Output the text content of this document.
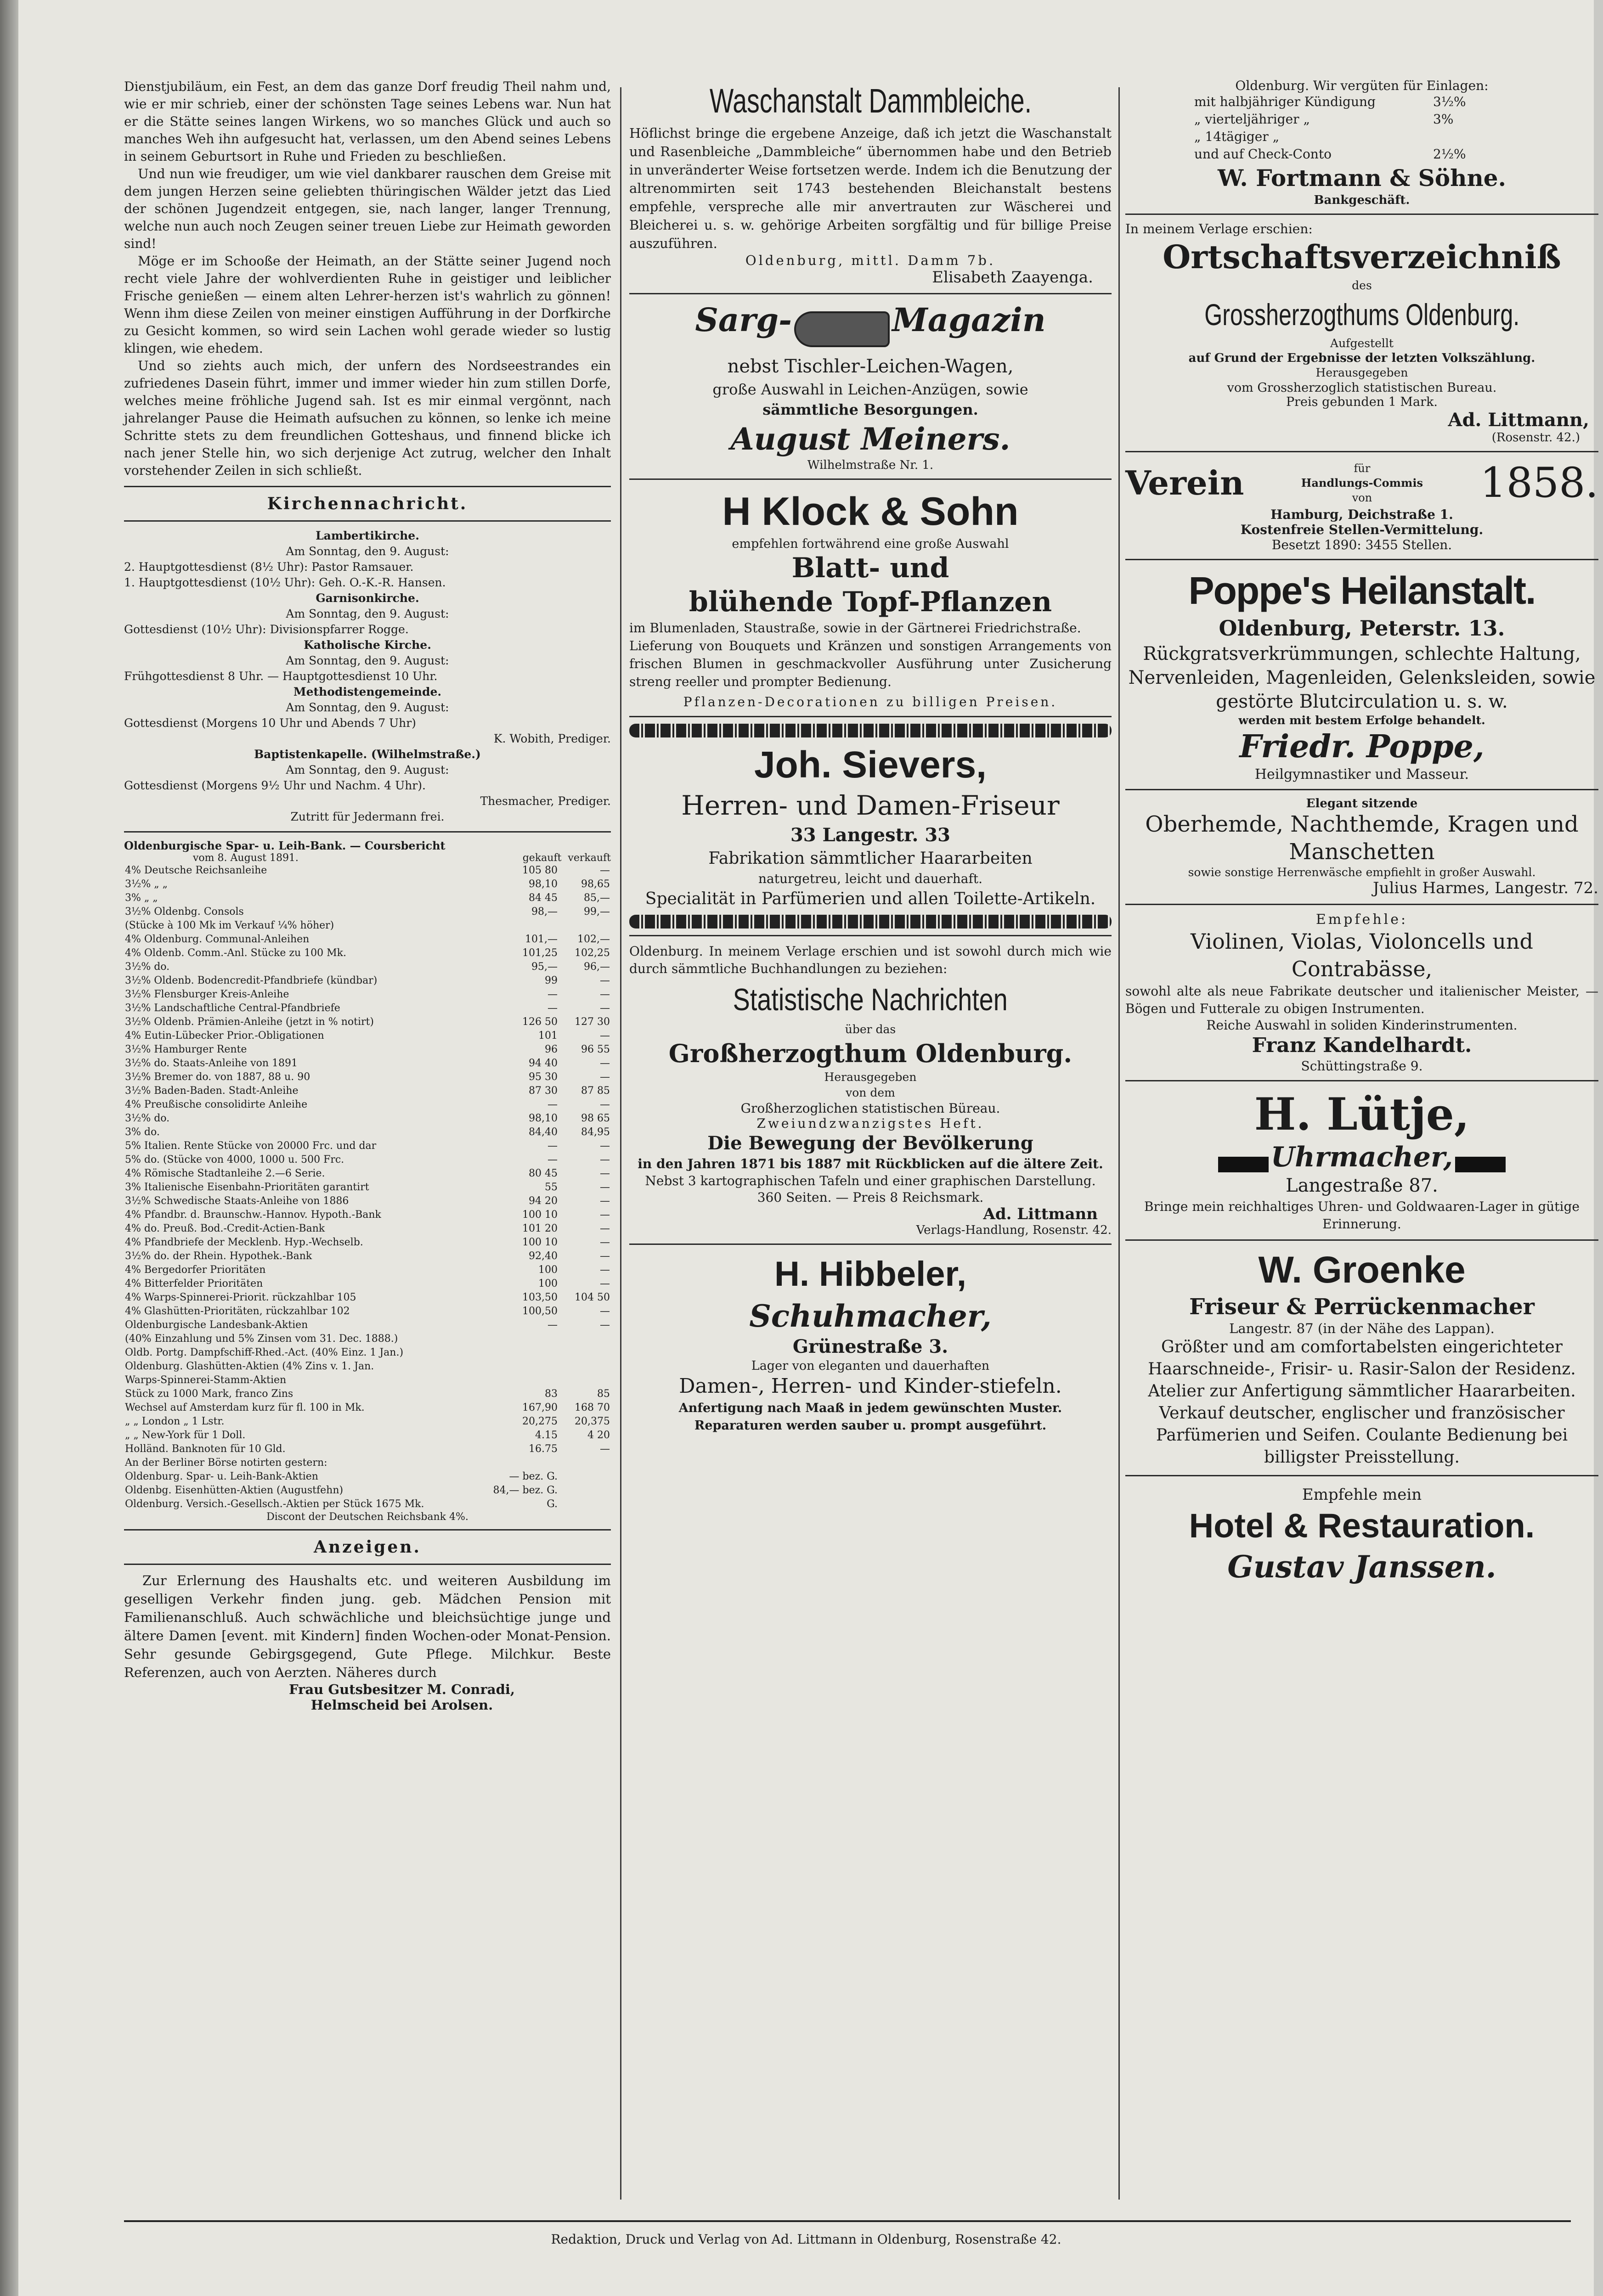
Dienstjubiläum, ein Fest, an dem das ganze Dorf freudig Theil nahm und, wie er mir schrieb, einer der schönsten Tage seines Lebens war. Nun hat er die Stätte seines langen Wirkens, wo so manches Glück und auch so manches Weh ihn aufgesucht hat, verlassen, um den Abend seines Lebens in seinem Geburtsort in Ruhe und Frieden zu beschließen.

Und nun wie freudiger, um wie viel dankbarer rauschen dem Greise mit dem jungen Herzen seine geliebten thüringischen Wälder jetzt das Lied der schönen Jugendzeit entgegen, sie, nach langer, langer Trennung, welche nun auch noch Zeugen seiner treuen Liebe zur Heimath geworden sind!

Möge er im Schooße der Heimath, an der Stätte seiner Jugend noch recht viele Jahre der wohlverdienten Ruhe in geistiger und leiblicher Frische genießen — einem alten Lehrer-herzen ist's wahrlich zu gönnen! Wenn ihm diese Zeilen von meiner einstigen Aufführung in der Dorfkirche zu Gesicht kommen, so wird sein Lachen wohl gerade wieder so lustig klingen, wie ehedem.

Und so ziehts auch mich, der unfern des Nordseestrandes ein zufriedenes Dasein führt, immer und immer wieder hin zum stillen Dorfe, welches meine fröhliche Jugend sah. Ist es mir einmal vergönnt, nach jahrelanger Pause die Heimath aufsuchen zu können, so lenke ich meine Schritte stets zu dem freundlichen Gotteshaus, und finnend blicke ich nach jener Stelle hin, wo sich derjenige Act zutrug, welcher den Inhalt vorstehender Zeilen in sich schließt.

Kirchennachricht.

Lambertikirche.

Am Sonntag, den 9. August:

2. Hauptgottesdienst (8½ Uhr): Pastor Ramsauer.

1. Hauptgottesdienst (10½ Uhr): Geh. O.-K.-R. Hansen.

Garnisonkirche.

Am Sonntag, den 9. August:

Gottesdienst (10½ Uhr): Divisionspfarrer Rogge.

Katholische Kirche.

Am Sonntag, den 9. August:

Frühgottesdienst 8 Uhr. — Hauptgottesdienst 10 Uhr.

Methodistengemeinde.

Am Sonntag, den 9. August:

Gottesdienst (Morgens 10 Uhr und Abends 7 Uhr)

K. Wobith, Prediger.

Baptistenkapelle. (Wilhelmstraße.)

Am Sonntag, den 9. August:

Gottesdienst (Morgens 9½ Uhr und Nachm. 4 Uhr).

Thesmacher, Prediger.

Zutritt für Jedermann frei.

Oldenburgische Spar- u. Leih-Bank. — Coursbericht

vom 8. August 1891.	gekauft verkauft
4% Deutsche Reichsanleihe	105 80	—
3½% „ „	98,10	98,65
3% „ „	84 45	85,—
3½% Oldenbg. Consols	98,—	99,—
(Stücke à 100 Mk im Verkauf ¼% höher)		
4% Oldenburg. Communal-Anleihen	101,—	102,—
4% Oldenb. Comm.-Anl. Stücke zu 100 Mk.	101,25	102,25
3½% do.	95,—	96,—
3½% Oldenb. Bodencredit-Pfandbriefe (kündbar)	99	—
3½% Flensburger Kreis-Anleihe	—	—
3½% Landschaftliche Central-Pfandbriefe	—	—
3½% Oldenb. Prämien-Anleihe (jetzt in % notirt)	126 50	127 30
4% Eutin-Lübecker Prior.-Obligationen	101	—
3½% Hamburger Rente	96	96 55
3½% do. Staats-Anleihe von 1891	94 40	—
3½% Bremer do. von 1887, 88 u. 90	95 30	—
3½% Baden-Baden. Stadt-Anleihe	87 30	87 85
4% Preußische consolidirte Anleihe	—	—
3½% do.	98,10	98 65
3% do.	84,40	84,95
5% Italien. Rente Stücke von 20000 Frc. und dar	—	—
5% do. (Stücke von 4000, 1000 u. 500 Frc.	—	—
4% Römische Stadtanleihe 2.—6 Serie.	80 45	—
3% Italienische Eisenbahn-Prioritäten garantirt	55	—
3½% Schwedische Staats-Anleihe von 1886	94 20	—
4% Pfandbr. d. Braunschw.-Hannov. Hypoth.-Bank	100 10	—
4% do. Preuß. Bod.-Credit-Actien-Bank	101 20	—
4% Pfandbriefe der Mecklenb. Hyp.-Wechselb.	100 10	—
3½% do. der Rhein. Hypothek.-Bank	92,40	—
4% Bergedorfer Prioritäten	100	—
4% Bitterfelder Prioritäten	100	—
4% Warps-Spinnerei-Priorit. rückzahlbar 105	103,50	104 50
4% Glashütten-Prioritäten, rückzahlbar 102	100,50	—
Oldenburgische Landesbank-Aktien	—	—
(40% Einzahlung und 5% Zinsen vom 31. Dec. 1888.)		
Oldb. Portg. Dampfschiff-Rhed.-Act. (40% Einz. 1 Jan.)		
Oldenburg. Glashütten-Aktien (4% Zins v. 1. Jan.		
Warps-Spinnerei-Stamm-Aktien		
Stück zu 1000 Mark, franco Zins	83	85
Wechsel auf Amsterdam kurz für fl. 100 in Mk.	167,90	168 70
„ „ London „ 1 Lstr.	20,275	20,375
„ „ New-York für 1 Doll.	4.15	4 20
Holländ. Banknoten für 10 Gld.	16.75	—
An der Berliner Börse notirten gestern:		
Oldenburg. Spar- u. Leih-Bank-Aktien	— bez. G.	
Oldenbg. Eisenhütten-Aktien (Augustfehn)	84,— bez. G.	
Oldenburg. Versich.-Gesellsch.-Aktien per Stück 1675 Mk.	G.	

Discont der Deutschen Reichsbank 4%.

Anzeigen.

Zur Erlernung des Haushalts etc. und weiteren Ausbildung im geselligen Verkehr finden jung. geb. Mädchen Pension mit Familienanschluß. Auch schwächliche und bleichsüchtige junge und ältere Damen [event. mit Kindern] finden Wochen-oder Monat-Pension. Sehr gesunde Gebirgsgegend, Gute Pflege. Milchkur. Beste Referenzen, auch von Aerzten. Näheres durch

Frau Gutsbesitzer M. Conradi,

Helmscheid bei Arolsen.

Waschanstalt Dammbleiche.

Höflichst bringe die ergebene Anzeige, daß ich jetzt die Waschanstalt und Rasenbleiche „Dammbleiche“ übernommen habe und den Betrieb in unveränderter Weise fortsetzen werde. Indem ich die Benutzung der altrenommirten seit 1743 bestehenden Bleichanstalt bestens empfehle, verspreche alle mir anvertrauten zur Wäscherei und Bleicherei u. s. w. gehörige Arbeiten sorgfältig und für billige Preise auszuführen.

Oldenburg, mittl. Damm 7b.

Elisabeth Zaayenga.

Sarg-	Magazin

nebst Tischler-Leichen-Wagen,

große Auswahl in Leichen-Anzügen, sowie

sämmtliche Besorgungen.

August Meiners.

Wilhelmstraße Nr. 1.

H Klock & Sohn

empfehlen fortwährend eine große Auswahl

Blatt- und

blühende Topf-Pflanzen

im Blumenladen, Staustraße, sowie in der Gärtnerei Friedrichstraße.

Lieferung von Bouquets und Kränzen und sonstigen Arrangements von frischen Blumen in geschmackvoller Ausführung unter Zusicherung streng reeller und prompter Bedienung.

Pflanzen-Decorationen zu billigen Preisen.

Joh. Sievers,

Herren- und Damen-Friseur

33 Langestr. 33

Fabrikation sämmtlicher Haararbeiten

naturgetreu, leicht und dauerhaft.

Specialität in Parfümerien und allen Toilette-Artikeln.

Oldenburg. In meinem Verlage erschien und ist sowohl durch mich wie durch sämmtliche Buchhandlungen zu beziehen:

Statistische Nachrichten

über das

Großherzogthum Oldenburg.

Herausgegeben

von dem

Großherzoglichen statistischen Büreau.

Zweiundzwanzigstes Heft.

Die Bewegung der Bevölkerung

in den Jahren 1871 bis 1887 mit Rückblicken auf die ältere Zeit.

Nebst 3 kartographischen Tafeln und einer graphischen Darstellung.

360 Seiten. — Preis 8 Reichsmark.

Ad. Littmann

Verlags-Handlung, Rosenstr. 42.

H. Hibbeler,

Schuhmacher,

Grünestraße 3.

Lager von eleganten und dauerhaften

Damen-, Herren- und Kinder-stiefeln.

Anfertigung nach Maaß in jedem gewünschten Muster.

Reparaturen werden sauber u. prompt ausgeführt.

Oldenburg. Wir vergüten für Einlagen:

mit halbjähriger Kündigung	3½%
„ vierteljähriger „	3%
„ 14tägiger „
und auf Check-Conto	2½%

W. Fortmann & Söhne.

Bankgeschäft.

In meinem Verlage erschien:

Ortschaftsverzeichniß

des

Grossherzogthums Oldenburg.

Aufgestellt

auf Grund der Ergebnisse der letzten Volkszählung.

Herausgegeben

vom Grossherzoglich statistischen Bureau.

Preis gebunden 1 Mark.

Ad. Littmann,

(Rosenstr. 42.)

Verein	für
Handlungs-Commis
von	1858.

Hamburg, Deichstraße 1.

Kostenfreie Stellen-Vermittelung.

Besetzt 1890: 3455 Stellen.

Poppe's Heilanstalt.

Oldenburg, Peterstr. 13.

Rückgratsverkrümmungen, schlechte Haltung, Nervenleiden, Magenleiden, Gelenksleiden, sowie gestörte Blutcirculation u. s. w.

werden mit bestem Erfolge behandelt.

Friedr. Poppe,

Heilgymnastiker und Masseur.

Elegant sitzende

Oberhemde, Nachthemde, Kragen und Manschetten

sowie sonstige Herrenwäsche empfiehlt in großer Auswahl.

Julius Harmes, Langestr. 72.

Empfehle:

Violinen, Violas, Violoncells und Contrabässe,

sowohl alte als neue Fabrikate deutscher und italienischer Meister, — Bögen und Futterale zu obigen Instrumenten.

Reiche Auswahl in soliden Kinderinstrumenten.

Franz Kandelhardt.

Schüttingstraße 9.

H. Lütje,

Uhrmacher,

Langestraße 87.

Bringe mein reichhaltiges Uhren- und Goldwaaren-Lager in gütige Erinnerung.

W. Groenke

Friseur & Perrückenmacher

Langestr. 87 (in der Nähe des Lappan).

Größter und am comfortabelsten eingerichteter Haarschneide-, Frisir- u. Rasir-Salon der Residenz.

Atelier zur Anfertigung sämmtlicher Haararbeiten. Verkauf deutscher, englischer und französischer Parfümerien und Seifen. Coulante Bedienung bei billigster Preisstellung.

Empfehle mein

Hotel & Restauration.

Gustav Janssen.

Redaktion, Druck und Verlag von Ad. Littmann in Oldenburg, Rosenstraße 42.
